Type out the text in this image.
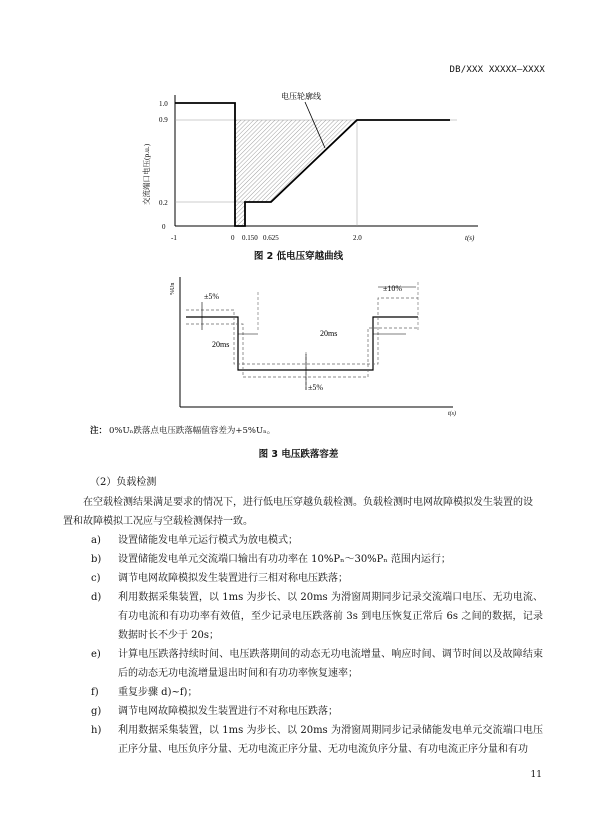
DB/XXX XXXXX—XXXX
电压轮廓线
1.0
0.9
0.2
0
-1	0 0.150 0.625	2.0	t(s)
交流端口电压(p.u.)
图 2 低电压穿越曲线
%Un
t(s)
±5%
±10%
20ms
20ms
±5%
注： 0%Uₙ跌落点电压跌落幅值容差为+5%Uₙ。
图 3 电压跌落容差
（2）负载检测
在空载检测结果满足要求的情况下，进行低电压穿越负载检测。负载检测时电网故障模拟发生装置的设置和故障模拟工况应与空载检测保持一致。
a)	设置储能发电单元运行模式为放电模式；
b)	设置储能发电单元交流端口输出有功功率在 10%Pₙ～30%Pₙ 范围内运行；
c)	调节电网故障模拟发生装置进行三相对称电压跌落；
d)	利用数据采集装置，以 1ms 为步长、以 20ms 为滑窗周期同步记录交流端口电压、无功电流、有功电流和有功功率有效值，至少记录电压跌落前 3s 到电压恢复正常后 6s 之间的数据，记录数据时长不少于 20s；
e)	计算电压跌落持续时间、电压跌落期间的动态无功电流增量、响应时间、调节时间以及故障结束后的动态无功电流增量退出时间和有功功率恢复速率；
f)	重复步骤 d)~f)；
g)	调节电网故障模拟发生装置进行不对称电压跌落；
h)	利用数据采集装置，以 1ms 为步长、以 20ms 为滑窗周期同步记录储能发电单元交流端口电压正序分量、电压负序分量、无功电流正序分量、无功电流负序分量、有功电流正序分量和有功
11
